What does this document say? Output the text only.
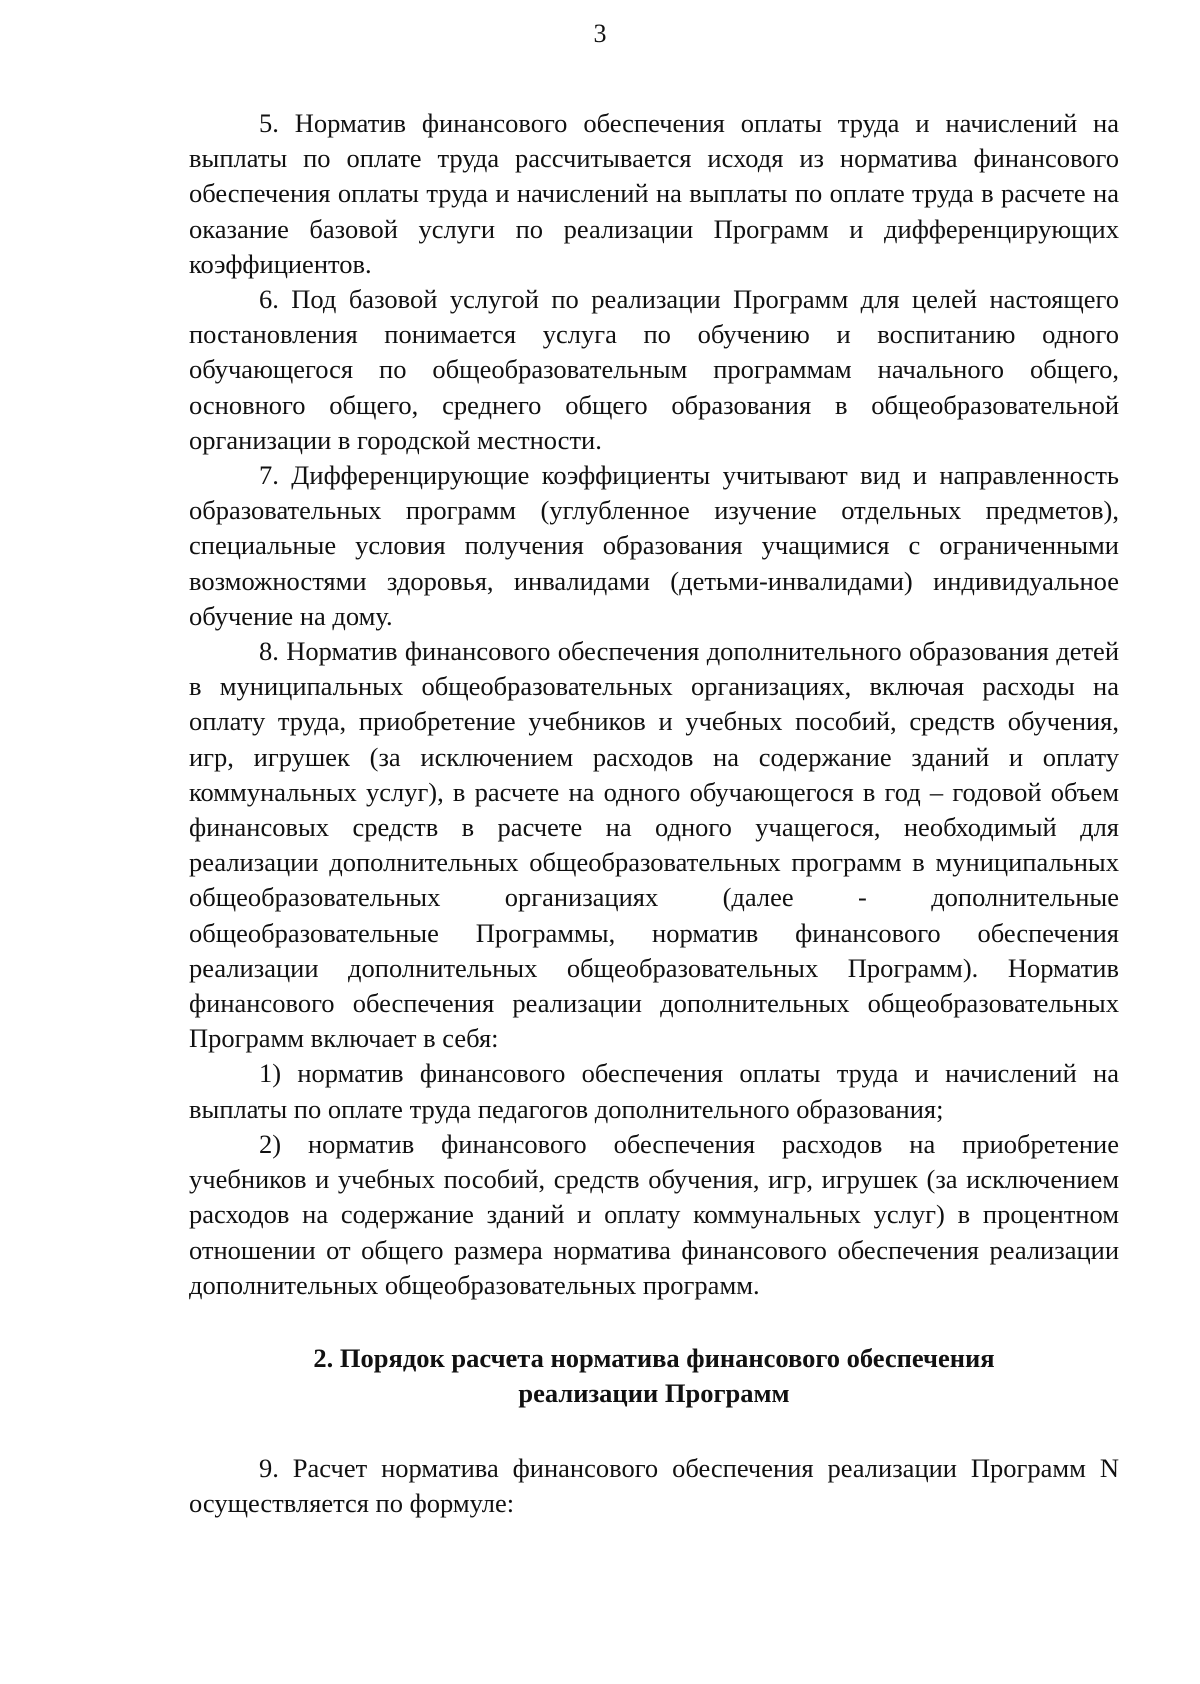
3

5. Норматив финансового обеспечения оплаты труда и начислений на выплаты по оплате труда рассчитывается исходя из норматива финансового обеспечения оплаты труда и начислений на выплаты по оплате труда в расчете на оказание базовой услуги по реализации Программ и дифференцирующих коэффициентов.

6. Под базовой услугой по реализации Программ для целей настоящего постановления понимается услуга по обучению и воспитанию одного обучающегося по общеобразовательным программам начального общего, основного общего, среднего общего образования в общеобразовательной организации в городской местности.

7. Дифференцирующие коэффициенты учитывают вид и направленность образовательных программ (углубленное изучение отдельных предметов), специальные условия получения образования учащимися с ограниченными возможностями здоровья, инвалидами (детьми-инвалидами) индивидуальное обучение на дому.

8. Норматив финансового обеспечения дополнительного образования детей в муниципальных общеобразовательных организациях, включая расходы на оплату труда, приобретение учебников и учебных пособий, средств обучения, игр, игрушек (за исключением расходов на содержание зданий и оплату коммунальных услуг), в расчете на одного обучающегося в год – годовой объем финансовых средств в расчете на одного учащегося, необходимый для реализации дополнительных общеобразовательных программ в муниципальных общеобразовательных организациях (далее - дополнительные общеобразовательные Программы, норматив финансового обеспечения реализации дополнительных общеобразовательных Программ). Норматив финансового обеспечения реализации дополнительных общеобразовательных Программ включает в себя:

1) норматив финансового обеспечения оплаты труда и начислений на выплаты по оплате труда педагогов дополнительного образования;

2) норматив финансового обеспечения расходов на приобретение учебников и учебных пособий, средств обучения, игр, игрушек (за исключением расходов на содержание зданий и оплату коммунальных услуг) в процентном отношении от общего размера норматива финансового обеспечения реализации дополнительных общеобразовательных программ.

2. Порядок расчета норматива финансового обеспечения
реализации Программ

9. Расчет норматива финансового обеспечения реализации Программ N осуществляется по формуле:
